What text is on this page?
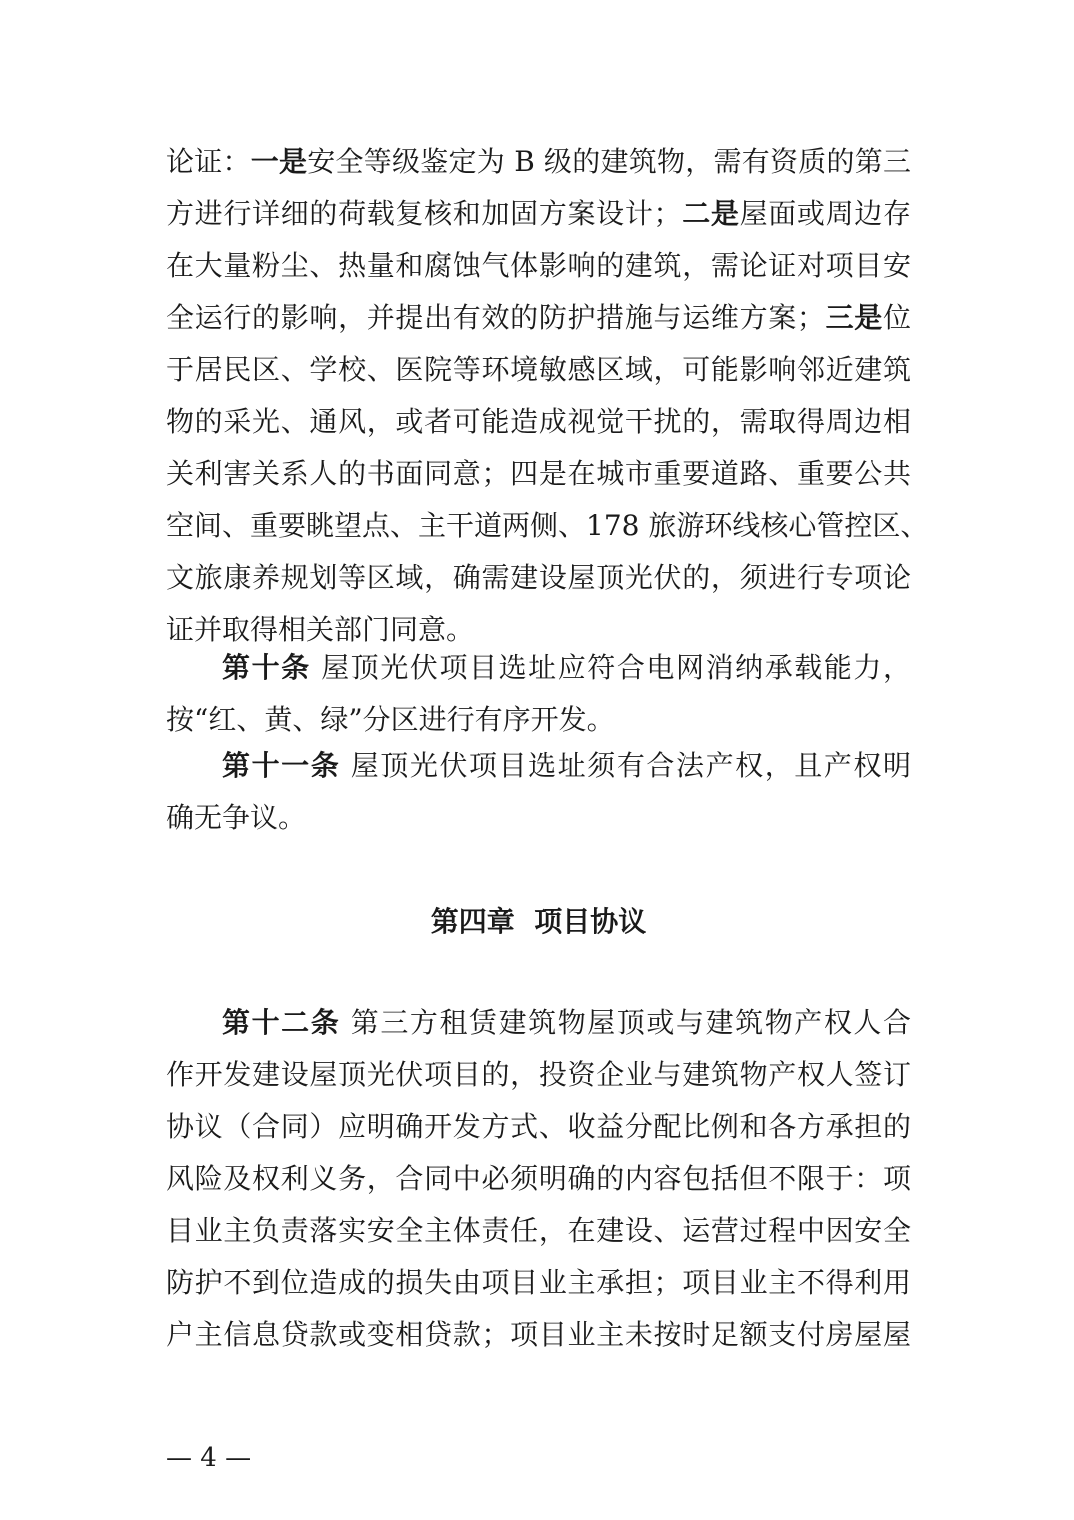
论证：一是安全等级鉴定为 B 级的建筑物，需有资质的第三
方进行详细的荷载复核和加固方案设计；二是屋面或周边存
在大量粉尘、热量和腐蚀气体影响的建筑，需论证对项目安
全运行的影响，并提出有效的防护措施与运维方案；三是位
于居民区、学校、医院等环境敏感区域，可能影响邻近建筑
物的采光、通风，或者可能造成视觉干扰的，需取得周边相
关利害关系人的书面同意；四是在城市重要道路、重要公共
空间、重要眺望点、主干道两侧、178 旅游环线核心管控区、
文旅康养规划等区域，确需建设屋顶光伏的，须进行专项论
证并取得相关部门同意。
第十条 屋顶光伏项目选址应符合电网消纳承载能力，
按“红、黄、绿”分区进行有序开发。
第十一条 屋顶光伏项目选址须有合法产权，且产权明
确无争议。
第四章  项目协议
第十二条 第三方租赁建筑物屋顶或与建筑物产权人合
作开发建设屋顶光伏项目的，投资企业与建筑物产权人签订
协议（合同）应明确开发方式、收益分配比例和各方承担的
风险及权利义务，合同中必须明确的内容包括但不限于：项
目业主负责落实安全主体责任，在建设、运营过程中因安全
防护不到位造成的损失由项目业主承担；项目业主不得利用
户主信息贷款或变相贷款；项目业主未按时足额支付房屋屋
— 4 —
